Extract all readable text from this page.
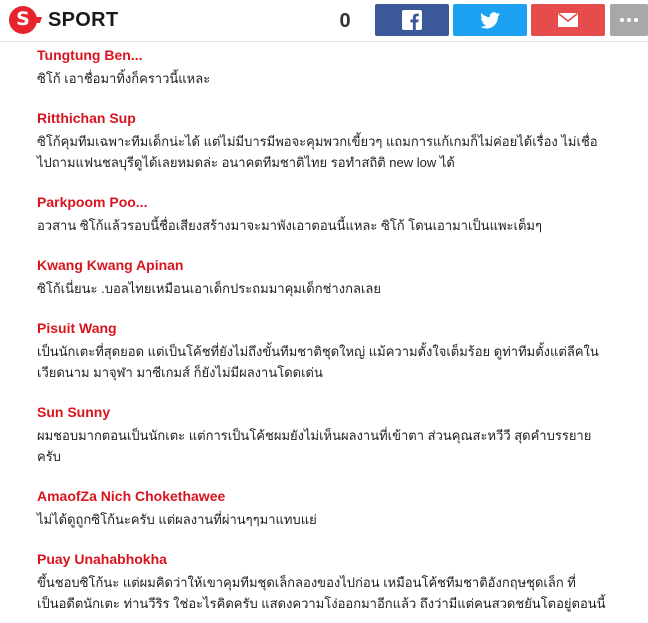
S SPORT	0
Tungtung Ben...
ซิโก้ เอาชื่อมาทิ้งก็คราวนี้แหละ
Ritthichan Sup
ซิโก้คุมทีมเฉพาะทีมเด็กน่ะได้ แต่ไม่มีบารมีพอจะคุมพวกเขี้ยวๆ แถมการแก้เกมก็ไม่ค่อยได้เรื่อง ไม่เชื่อ
ไปถามแฟนชลบุรีดูได้เลยหมดล่ะ อนาคตทีมชาติไทย รอทำสถิติ new low ได้
Parkpoom Poo...
อวสาน ซิโก้แล้วรอบนี้ชื่อเสียงสร้างมาจะมาพังเอาตอนนี้แหละ ซิโก้ โดนเอามาเป็นแพะเต็มๆ
Kwang Kwang Apinan
ซิโก้เนี่ยนะ .บอลไทยเหมือนเอาเด็กประถมมาคุมเด็กช่างกลเลย
Pisuit Wang
เป็นนักเตะที่สุดยอด แต่เป็นโค้ชที่ยังไม่ถึงขั้นทีมชาติชุดใหญ่ แม้ความตั้งใจเต็มร้อย ดูท่าทีมตั้งแต่ลีคใน
เวียดนาม มาจุฬา มาซีเกมส์ ก็ยังไม่มีผลงานโดดเด่น
Sun Sunny
ผมชอบมากตอนเป็นนักเตะ แต่การเป็นโค้ชผมยังไม่เห็นผลงานที่เข้าตา ส่วนคุณสะหวีวี สุดคำบรรยาย
ครับ
AmaofZa Nich Chokethawee
ไม่ได้ดูถูกซิโก้นะครับ แต่ผลงานที่ผ่านๆๆมาแทบแย่
Puay Unahabhokha
ขึ้นชอบซิโก้นะ แต่ผมคิดว่าให้เขาคุมทีมชุดเล็กลองของไปก่อน เหมือนโค้ชทีมชาติอังกฤษชุดเล็ก ที่
เป็นอดีตนักเตะ ท่านวีริร ใช่อะไรคิดครับ แสดงความโง่ออกมาอีกแล้ว ถึงว่ามีแต่คนสวดชยันโตอยู่ตอนนี้
